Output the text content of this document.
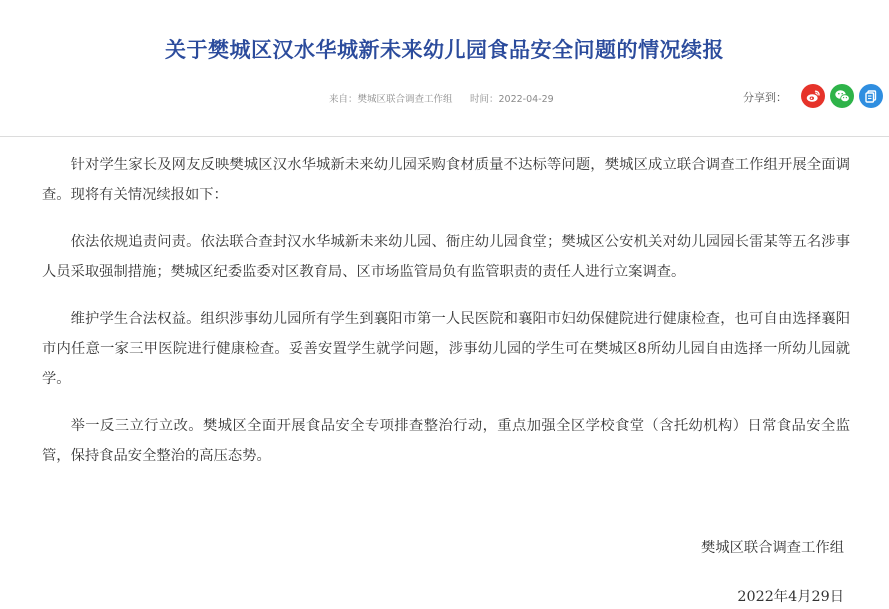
关于樊城区汉水华城新未来幼儿园食品安全问题的情况续报
来自：樊城区联合调查工作组 时间：2022-04-29	分享到：

针对学生家长及网友反映樊城区汉水华城新未来幼儿园采购食材质量不达标等问题，樊城区成立联合调查工作组开展全面调查。现将有关情况续报如下：

依法依规追责问责。依法联合查封汉水华城新未来幼儿园、衙庄幼儿园食堂；樊城区公安机关对幼儿园园长雷某等五名涉事人员采取强制措施；樊城区纪委监委对区教育局、区市场监管局负有监管职责的责任人进行立案调查。

维护学生合法权益。组织涉事幼儿园所有学生到襄阳市第一人民医院和襄阳市妇幼保健院进行健康检查，也可自由选择襄阳市内任意一家三甲医院进行健康检查。妥善安置学生就学问题，涉事幼儿园的学生可在樊城区8所幼儿园自由选择一所幼儿园就学。

举一反三立行立改。樊城区全面开展食品安全专项排查整治行动，重点加强全区学校食堂（含托幼机构）日常食品安全监管，保持食品安全整治的高压态势。

樊城区联合调查工作组
2022年4月29日
